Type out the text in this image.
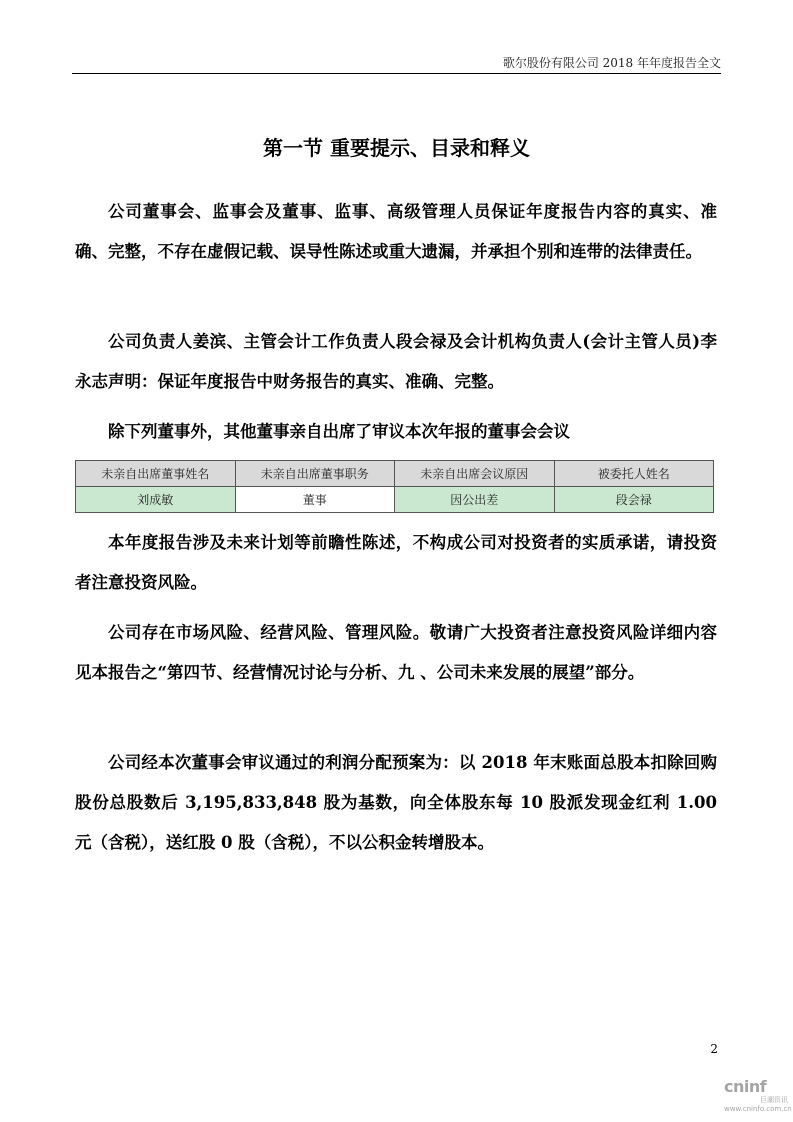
歌尔股份有限公司 2018 年年度报告全文
第一节 重要提示、目录和释义

公司董事会、监事会及董事、监事、高级管理人员保证年度报告内容的真实、准确、完整，不存在虚假记载、误导性陈述或重大遗漏，并承担个别和连带的法律责任。

公司负责人姜滨、主管会计工作负责人段会禄及会计机构负责人(会计主管人员)李永志声明：保证年度报告中财务报告的真实、准确、完整。

除下列董事外，其他董事亲自出席了审议本次年报的董事会会议

未亲自出席董事姓名	未亲自出席董事职务	未亲自出席会议原因	被委托人姓名
刘成敏	董事	因公出差	段会禄

本年度报告涉及未来计划等前瞻性陈述，不构成公司对投资者的实质承诺，请投资者注意投资风险。

公司存在市场风险、经营风险、管理风险。敬请广大投资者注意投资风险详细内容见本报告之“第四节、经营情况讨论与分析、九 、公司未来发展的展望”部分。

公司经本次董事会审议通过的利润分配预案为：以 2018 年末账面总股本扣除回购股份总股数后 3,195,833,848 股为基数，向全体股东每 10 股派发现金红利 1.00 元（含税），送红股 0 股（含税），不以公积金转增股本。

2
cninf
巨潮资讯
www.cninfo.com.cn
